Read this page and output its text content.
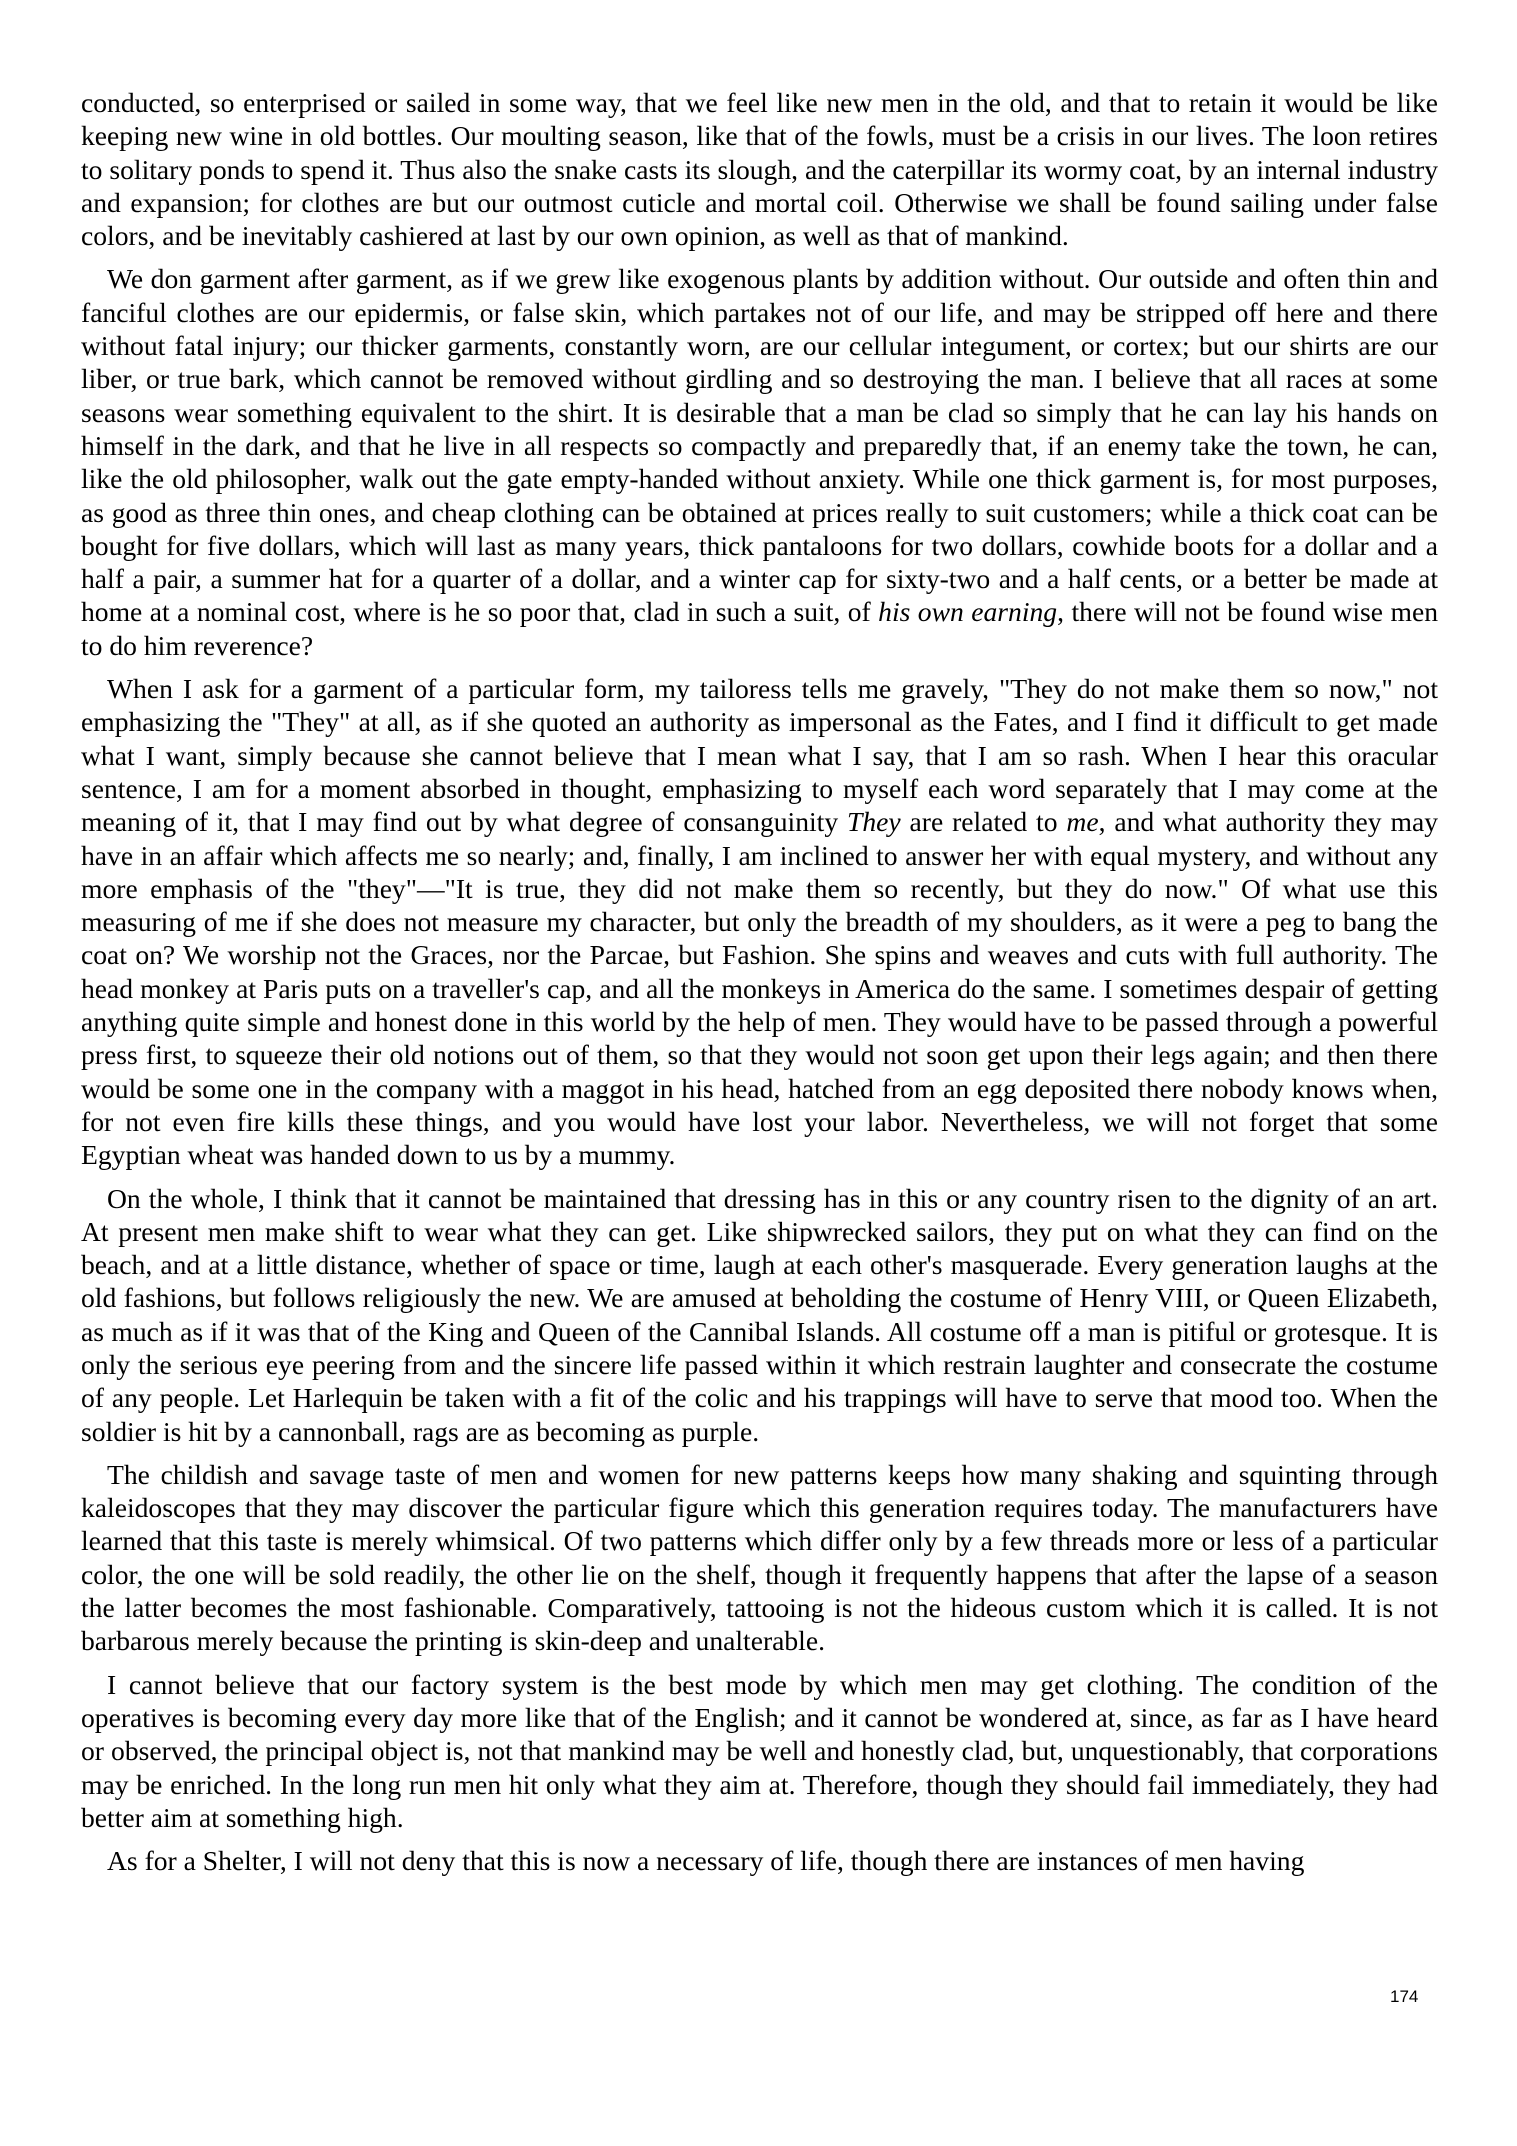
conducted, so enterprised or sailed in some way, that we feel like new men in the old, and that to retain it would be like keeping new wine in old bottles. Our moulting season, like that of the fowls, must be a crisis in our lives. The loon retires to solitary ponds to spend it. Thus also the snake casts its slough, and the caterpillar its wormy coat, by an internal industry and expansion; for clothes are but our outmost cuticle and mortal coil. Otherwise we shall be found sailing under false colors, and be inevitably cashiered at last by our own opinion, as well as that of mankind.

We don garment after garment, as if we grew like exogenous plants by addition without. Our outside and often thin and fanciful clothes are our epidermis, or false skin, which partakes not of our life, and may be stripped off here and there without fatal injury; our thicker garments, constantly worn, are our cellular integument, or cortex; but our shirts are our liber, or true bark, which cannot be removed without girdling and so destroying the man. I believe that all races at some seasons wear something equivalent to the shirt. It is desirable that a man be clad so simply that he can lay his hands on himself in the dark, and that he live in all respects so compactly and preparedly that, if an enemy take the town, he can, like the old philosopher, walk out the gate empty-handed without anxiety. While one thick garment is, for most purposes, as good as three thin ones, and cheap clothing can be obtained at prices really to suit customers; while a thick coat can be bought for five dollars, which will last as many years, thick pantaloons for two dollars, cowhide boots for a dollar and a half a pair, a summer hat for a quarter of a dollar, and a winter cap for sixty-two and a half cents, or a better be made at home at a nominal cost, where is he so poor that, clad in such a suit, of his own earning, there will not be found wise men to do him reverence?

When I ask for a garment of a particular form, my tailoress tells me gravely, "They do not make them so now," not emphasizing the "They" at all, as if she quoted an authority as impersonal as the Fates, and I find it difficult to get made what I want, simply because she cannot believe that I mean what I say, that I am so rash. When I hear this oracular sentence, I am for a moment absorbed in thought, emphasizing to myself each word separately that I may come at the meaning of it, that I may find out by what degree of consanguinity They are related to me, and what authority they may have in an affair which affects me so nearly; and, finally, I am inclined to answer her with equal mystery, and without any more emphasis of the "they"—"It is true, they did not make them so recently, but they do now." Of what use this measuring of me if she does not measure my character, but only the breadth of my shoulders, as it were a peg to bang the coat on? We worship not the Graces, nor the Parcae, but Fashion. She spins and weaves and cuts with full authority. The head monkey at Paris puts on a traveller's cap, and all the monkeys in America do the same. I sometimes despair of getting anything quite simple and honest done in this world by the help of men. They would have to be passed through a powerful press first, to squeeze their old notions out of them, so that they would not soon get upon their legs again; and then there would be some one in the company with a maggot in his head, hatched from an egg deposited there nobody knows when, for not even fire kills these things, and you would have lost your labor. Nevertheless, we will not forget that some Egyptian wheat was handed down to us by a mummy.

On the whole, I think that it cannot be maintained that dressing has in this or any country risen to the dignity of an art. At present men make shift to wear what they can get. Like shipwrecked sailors, they put on what they can find on the beach, and at a little distance, whether of space or time, laugh at each other's masquerade. Every generation laughs at the old fashions, but follows religiously the new. We are amused at beholding the costume of Henry VIII, or Queen Elizabeth, as much as if it was that of the King and Queen of the Cannibal Islands. All costume off a man is pitiful or grotesque. It is only the serious eye peering from and the sincere life passed within it which restrain laughter and consecrate the costume of any people. Let Harlequin be taken with a fit of the colic and his trappings will have to serve that mood too. When the soldier is hit by a cannonball, rags are as becoming as purple.

The childish and savage taste of men and women for new patterns keeps how many shaking and squinting through kaleidoscopes that they may discover the particular figure which this generation requires today. The manufacturers have learned that this taste is merely whimsical. Of two patterns which differ only by a few threads more or less of a particular color, the one will be sold readily, the other lie on the shelf, though it frequently happens that after the lapse of a season the latter becomes the most fashionable. Comparatively, tattooing is not the hideous custom which it is called. It is not barbarous merely because the printing is skin-deep and unalterable.

I cannot believe that our factory system is the best mode by which men may get clothing. The condition of the operatives is becoming every day more like that of the English; and it cannot be wondered at, since, as far as I have heard or observed, the principal object is, not that mankind may be well and honestly clad, but, unquestionably, that corporations may be enriched. In the long run men hit only what they aim at. Therefore, though they should fail immediately, they had better aim at something high.

As for a Shelter, I will not deny that this is now a necessary of life, though there are instances of men having

174
